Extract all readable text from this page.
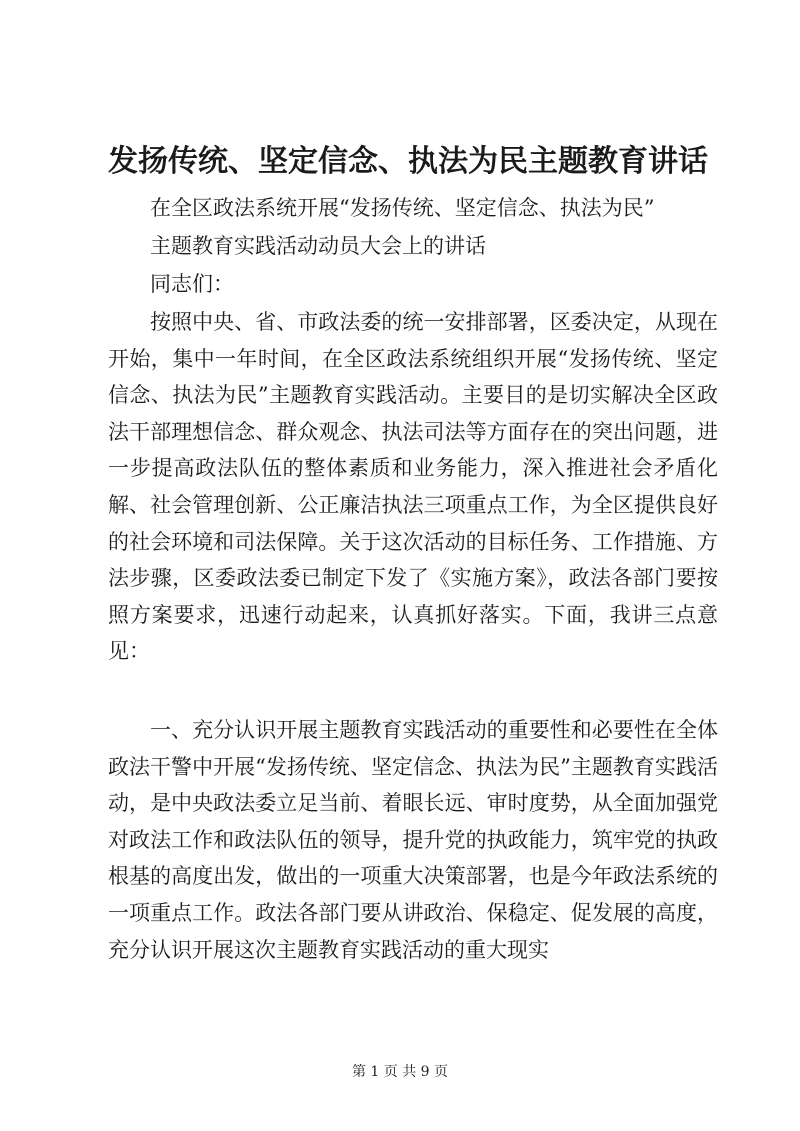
发扬传统、坚定信念、执法为民主题教育讲话
在全区政法系统开展“发扬传统、坚定信念、执法为民”
主题教育实践活动动员大会上的讲话
同志们：

按照中央、省、市政法委的统一安排部署，区委决定，从现在开始，集中一年时间，在全区政法系统组织开展“发扬传统、坚定信念、执法为民”主题教育实践活动。主要目的是切实解决全区政法干部理想信念、群众观念、执法司法等方面存在的突出问题，进一步提高政法队伍的整体素质和业务能力，深入推进社会矛盾化解、社会管理创新、公正廉洁执法三项重点工作，为全区提供良好的社会环境和司法保障。关于这次活动的目标任务、工作措施、方法步骤，区委政法委已制定下发了《实施方案》，政法各部门要按照方案要求，迅速行动起来，认真抓好落实。下面，我讲三点意见：

一、充分认识开展主题教育实践活动的重要性和必要性在全体政法干警中开展“发扬传统、坚定信念、执法为民”主题教育实践活动，是中央政法委立足当前、着眼长远、审时度势，从全面加强党对政法工作和政法队伍的领导，提升党的执政能力，筑牢党的执政根基的高度出发，做出的一项重大决策部署，也是今年政法系统的一项重点工作。政法各部门要从讲政治、保稳定、促发展的高度，充分认识开展这次主题教育实践活动的重大现实

第 1 页 共 9 页
